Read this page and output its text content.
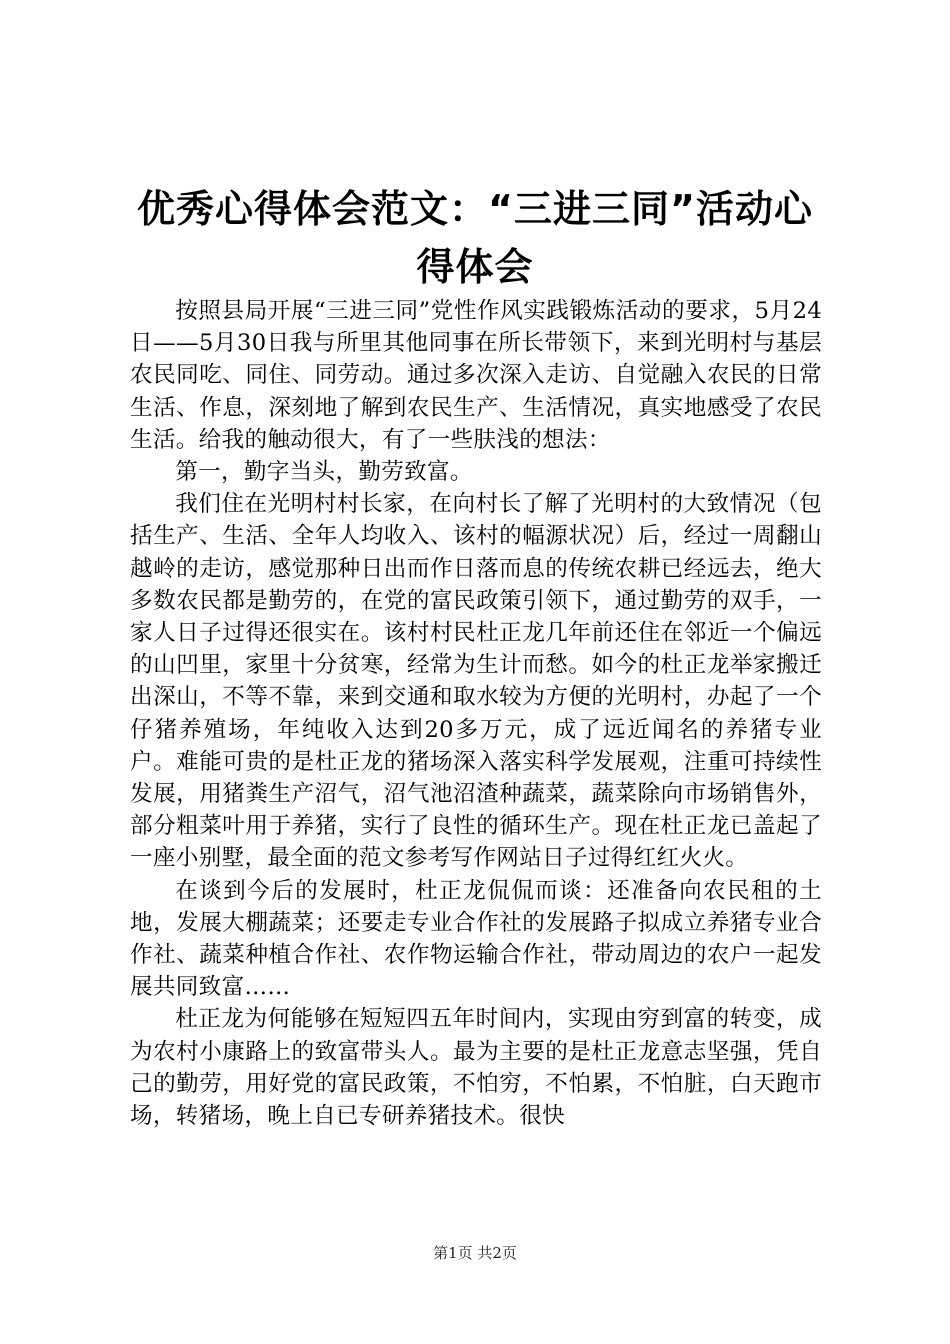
优秀心得体会范文：“三进三同”活动心得体会

按照县局开展“三进三同”党性作风实践锻炼活动的要求，5月24日——5月30日我与所里其他同事在所长带领下，来到光明村与基层农民同吃、同住、同劳动。通过多次深入走访、自觉融入农民的日常生活、作息，深刻地了解到农民生产、生活情况，真实地感受了农民生活。给我的触动很大，有了一些肤浅的想法：

第一，勤字当头，勤劳致富。

我们住在光明村村长家，在向村长了解了光明村的大致情况（包括生产、生活、全年人均收入、该村的幅源状况）后，经过一周翻山越岭的走访，感觉那种日出而作日落而息的传统农耕已经远去，绝大多数农民都是勤劳的，在党的富民政策引领下，通过勤劳的双手，一家人日子过得还很实在。该村村民杜正龙几年前还住在邻近一个偏远的山凹里，家里十分贫寒，经常为生计而愁。如今的杜正龙举家搬迁出深山，不等不靠，来到交通和取水较为方便的光明村，办起了一个仔猪养殖场，年纯收入达到20多万元，成了远近闻名的养猪专业户。难能可贵的是杜正龙的猪场深入落实科学发展观，注重可持续性发展，用猪粪生产沼气，沼气池沼渣种蔬菜，蔬菜除向市场销售外，部分粗菜叶用于养猪，实行了良性的循环生产。现在杜正龙已盖起了一座小别墅，最全面的范文参考写作网站日子过得红红火火。

在谈到今后的发展时，杜正龙侃侃而谈：还准备向农民租的土地，发展大棚蔬菜；还要走专业合作社的发展路子拟成立养猪专业合作社、蔬菜种植合作社、农作物运输合作社，带动周边的农户一起发展共同致富……

杜正龙为何能够在短短四五年时间内，实现由穷到富的转变，成为农村小康路上的致富带头人。最为主要的是杜正龙意志坚强，凭自己的勤劳，用好党的富民政策，不怕穷，不怕累，不怕脏，白天跑市场，转猪场，晚上自已专研养猪技术。很快

第1页 共2页
